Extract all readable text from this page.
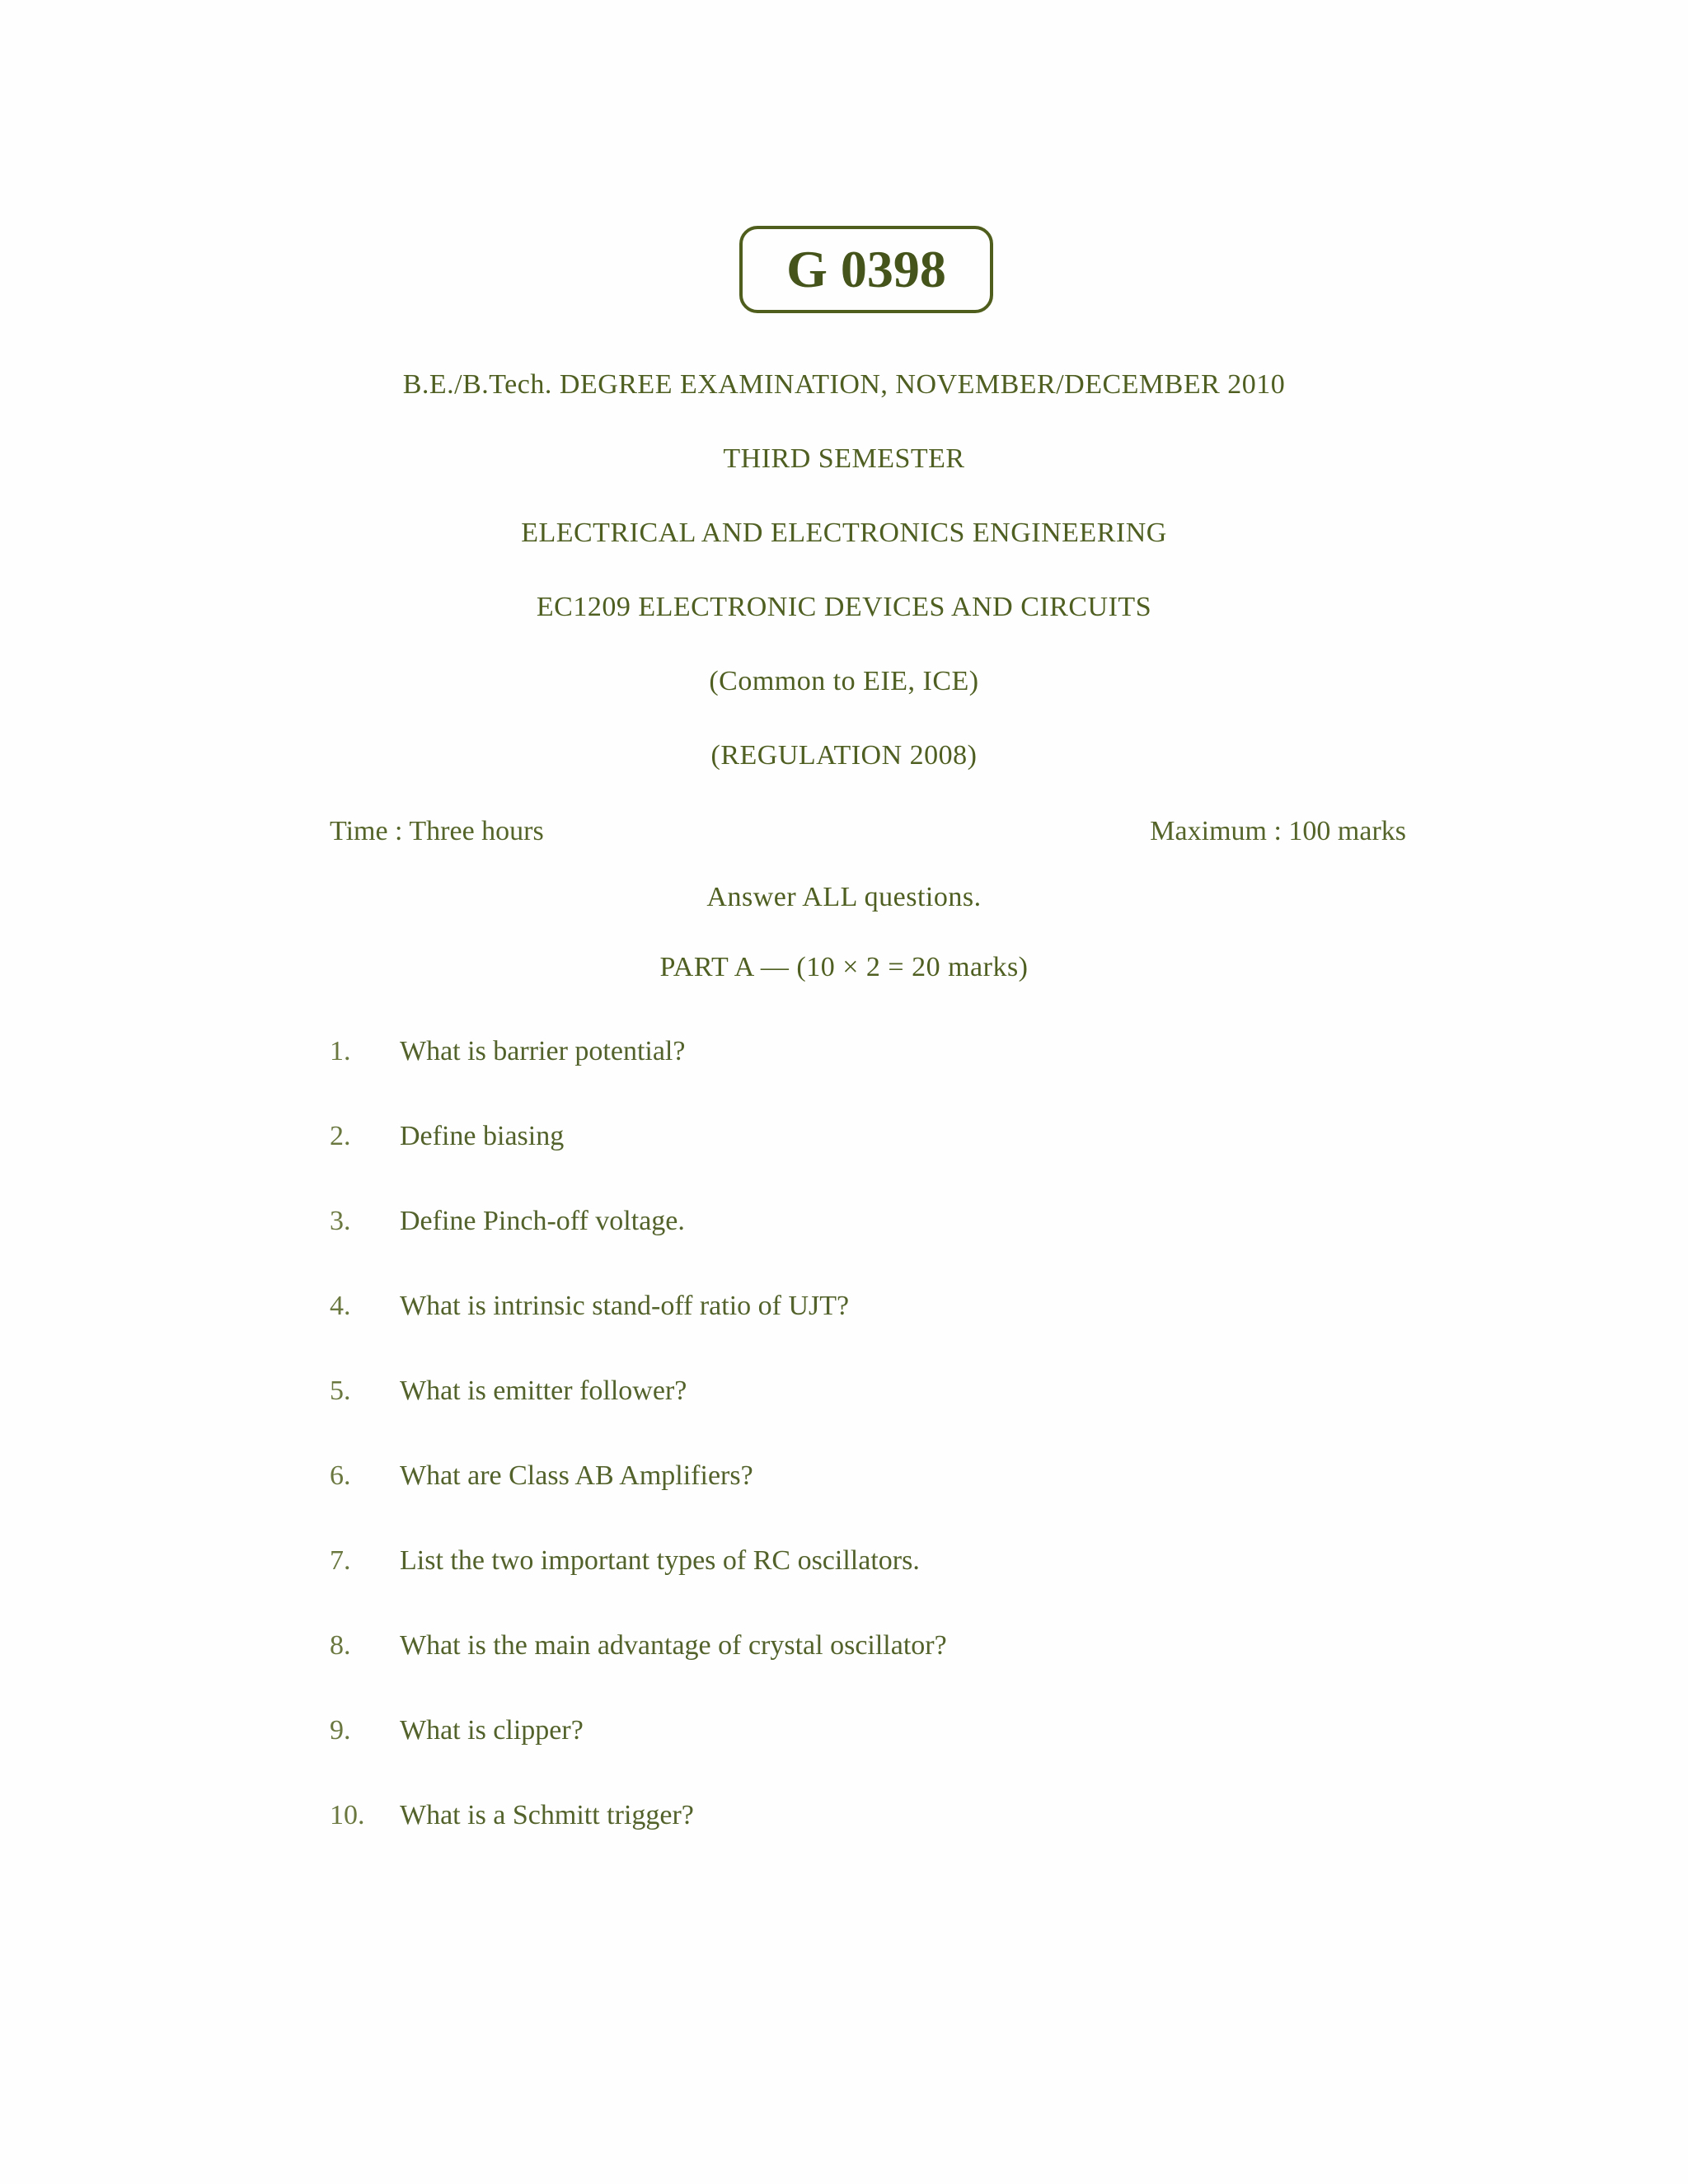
G 0398
B.E./B.Tech. DEGREE EXAMINATION, NOVEMBER/DECEMBER 2010
THIRD SEMESTER
ELECTRICAL AND ELECTRONICS ENGINEERING
EC1209 ELECTRONIC DEVICES AND CIRCUITS
(Common to EIE, ICE)
(REGULATION 2008)
Time : Three hours	Maximum : 100 marks
Answer ALL questions.
PART A — (10 × 2 = 20 marks)
1.	What is barrier potential?
2.	Define biasing
3.	Define Pinch-off voltage.
4.	What is intrinsic stand-off ratio of UJT?
5.	What is emitter follower?
6.	What are Class AB Amplifiers?
7.	List the two important types of RC oscillators.
8.	What is the main advantage of crystal oscillator?
9.	What is clipper?
10.	What is a Schmitt trigger?
